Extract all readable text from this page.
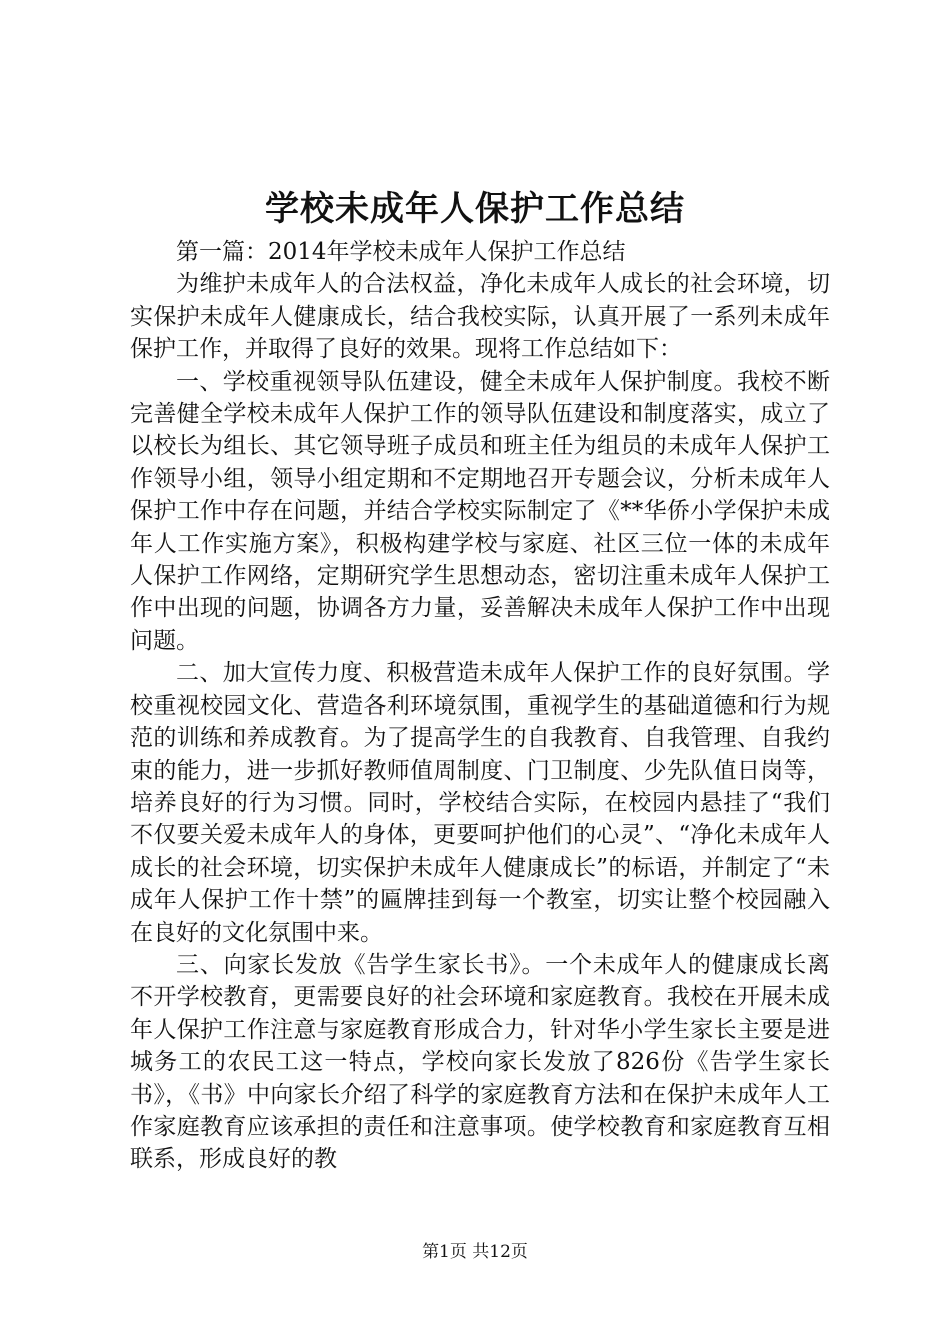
学校未成年人保护工作总结

第一篇：2014年学校未成年人保护工作总结

为维护未成年人的合法权益，净化未成年人成长的社会环境，切实保护未成年人健康成长，结合我校实际，认真开展了一系列未成年保护工作，并取得了良好的效果。现将工作总结如下：

一、学校重视领导队伍建设，健全未成年人保护制度。我校不断完善健全学校未成年人保护工作的领导队伍建设和制度落实，成立了以校长为组长、其它领导班子成员和班主任为组员的未成年人保护工作领导小组，领导小组定期和不定期地召开专题会议，分析未成年人保护工作中存在问题，并结合学校实际制定了《**华侨小学保护未成年人工作实施方案》，积极构建学校与家庭、社区三位一体的未成年人保护工作网络，定期研究学生思想动态，密切注重未成年人保护工作中出现的问题，协调各方力量，妥善解决未成年人保护工作中出现问题。

二、加大宣传力度、积极营造未成年人保护工作的良好氛围。学校重视校园文化、营造各利环境氛围，重视学生的基础道德和行为规范的训练和养成教育。为了提高学生的自我教育、自我管理、自我约束的能力，进一步抓好教师值周制度、门卫制度、少先队值日岗等，培养良好的行为习惯。同时，学校结合实际，在校园内悬挂了“我们不仅要关爱未成年人的身体，更要呵护他们的心灵”、“净化未成年人成长的社会环境，切实保护未成年人健康成长”的标语，并制定了“未成年人保护工作十禁”的匾牌挂到每一个教室，切实让整个校园融入在良好的文化氛围中来。

三、向家长发放《告学生家长书》。一个未成年人的健康成长离不开学校教育，更需要良好的社会环境和家庭教育。我校在开展未成年人保护工作注意与家庭教育形成合力，针对华小学生家长主要是进城务工的农民工这一特点，学校向家长发放了826份《告学生家长书》，《书》中向家长介绍了科学的家庭教育方法和在保护未成年人工作家庭教育应该承担的责任和注意事项。使学校教育和家庭教育互相联系，形成良好的教

第1页 共12页
